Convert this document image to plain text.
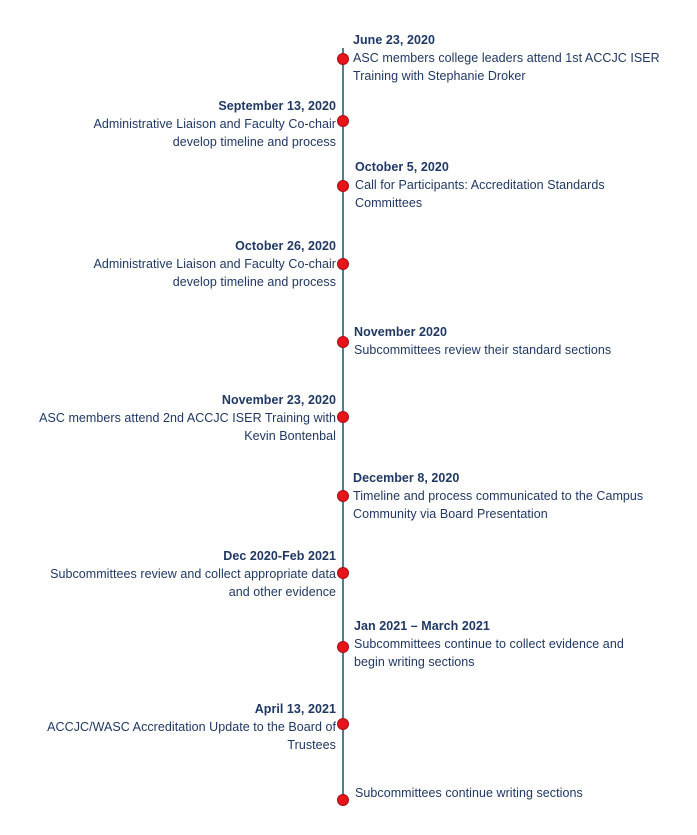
June 23, 2020
ASC members college leaders attend 1st ACCJC ISER
Training with Stephanie Droker
September 13, 2020
Administrative Liaison and Faculty Co-chair
develop timeline and process
October 5, 2020
Call for Participants: Accreditation Standards
Committees
October 26, 2020
Administrative Liaison and Faculty Co-chair
develop timeline and process
November 2020
Subcommittees review their standard sections
November 23, 2020
ASC members attend 2nd ACCJC ISER Training with
Kevin Bontenbal
December 8, 2020
Timeline and process communicated to the Campus
Community via Board Presentation
Dec 2020-Feb 2021
Subcommittees review and collect appropriate data
and other evidence
Jan 2021 – March 2021
Subcommittees continue to collect evidence and
begin writing sections
April 13, 2021
ACCJC/WASC Accreditation Update to the Board of
Trustees
Subcommittees continue writing sections
